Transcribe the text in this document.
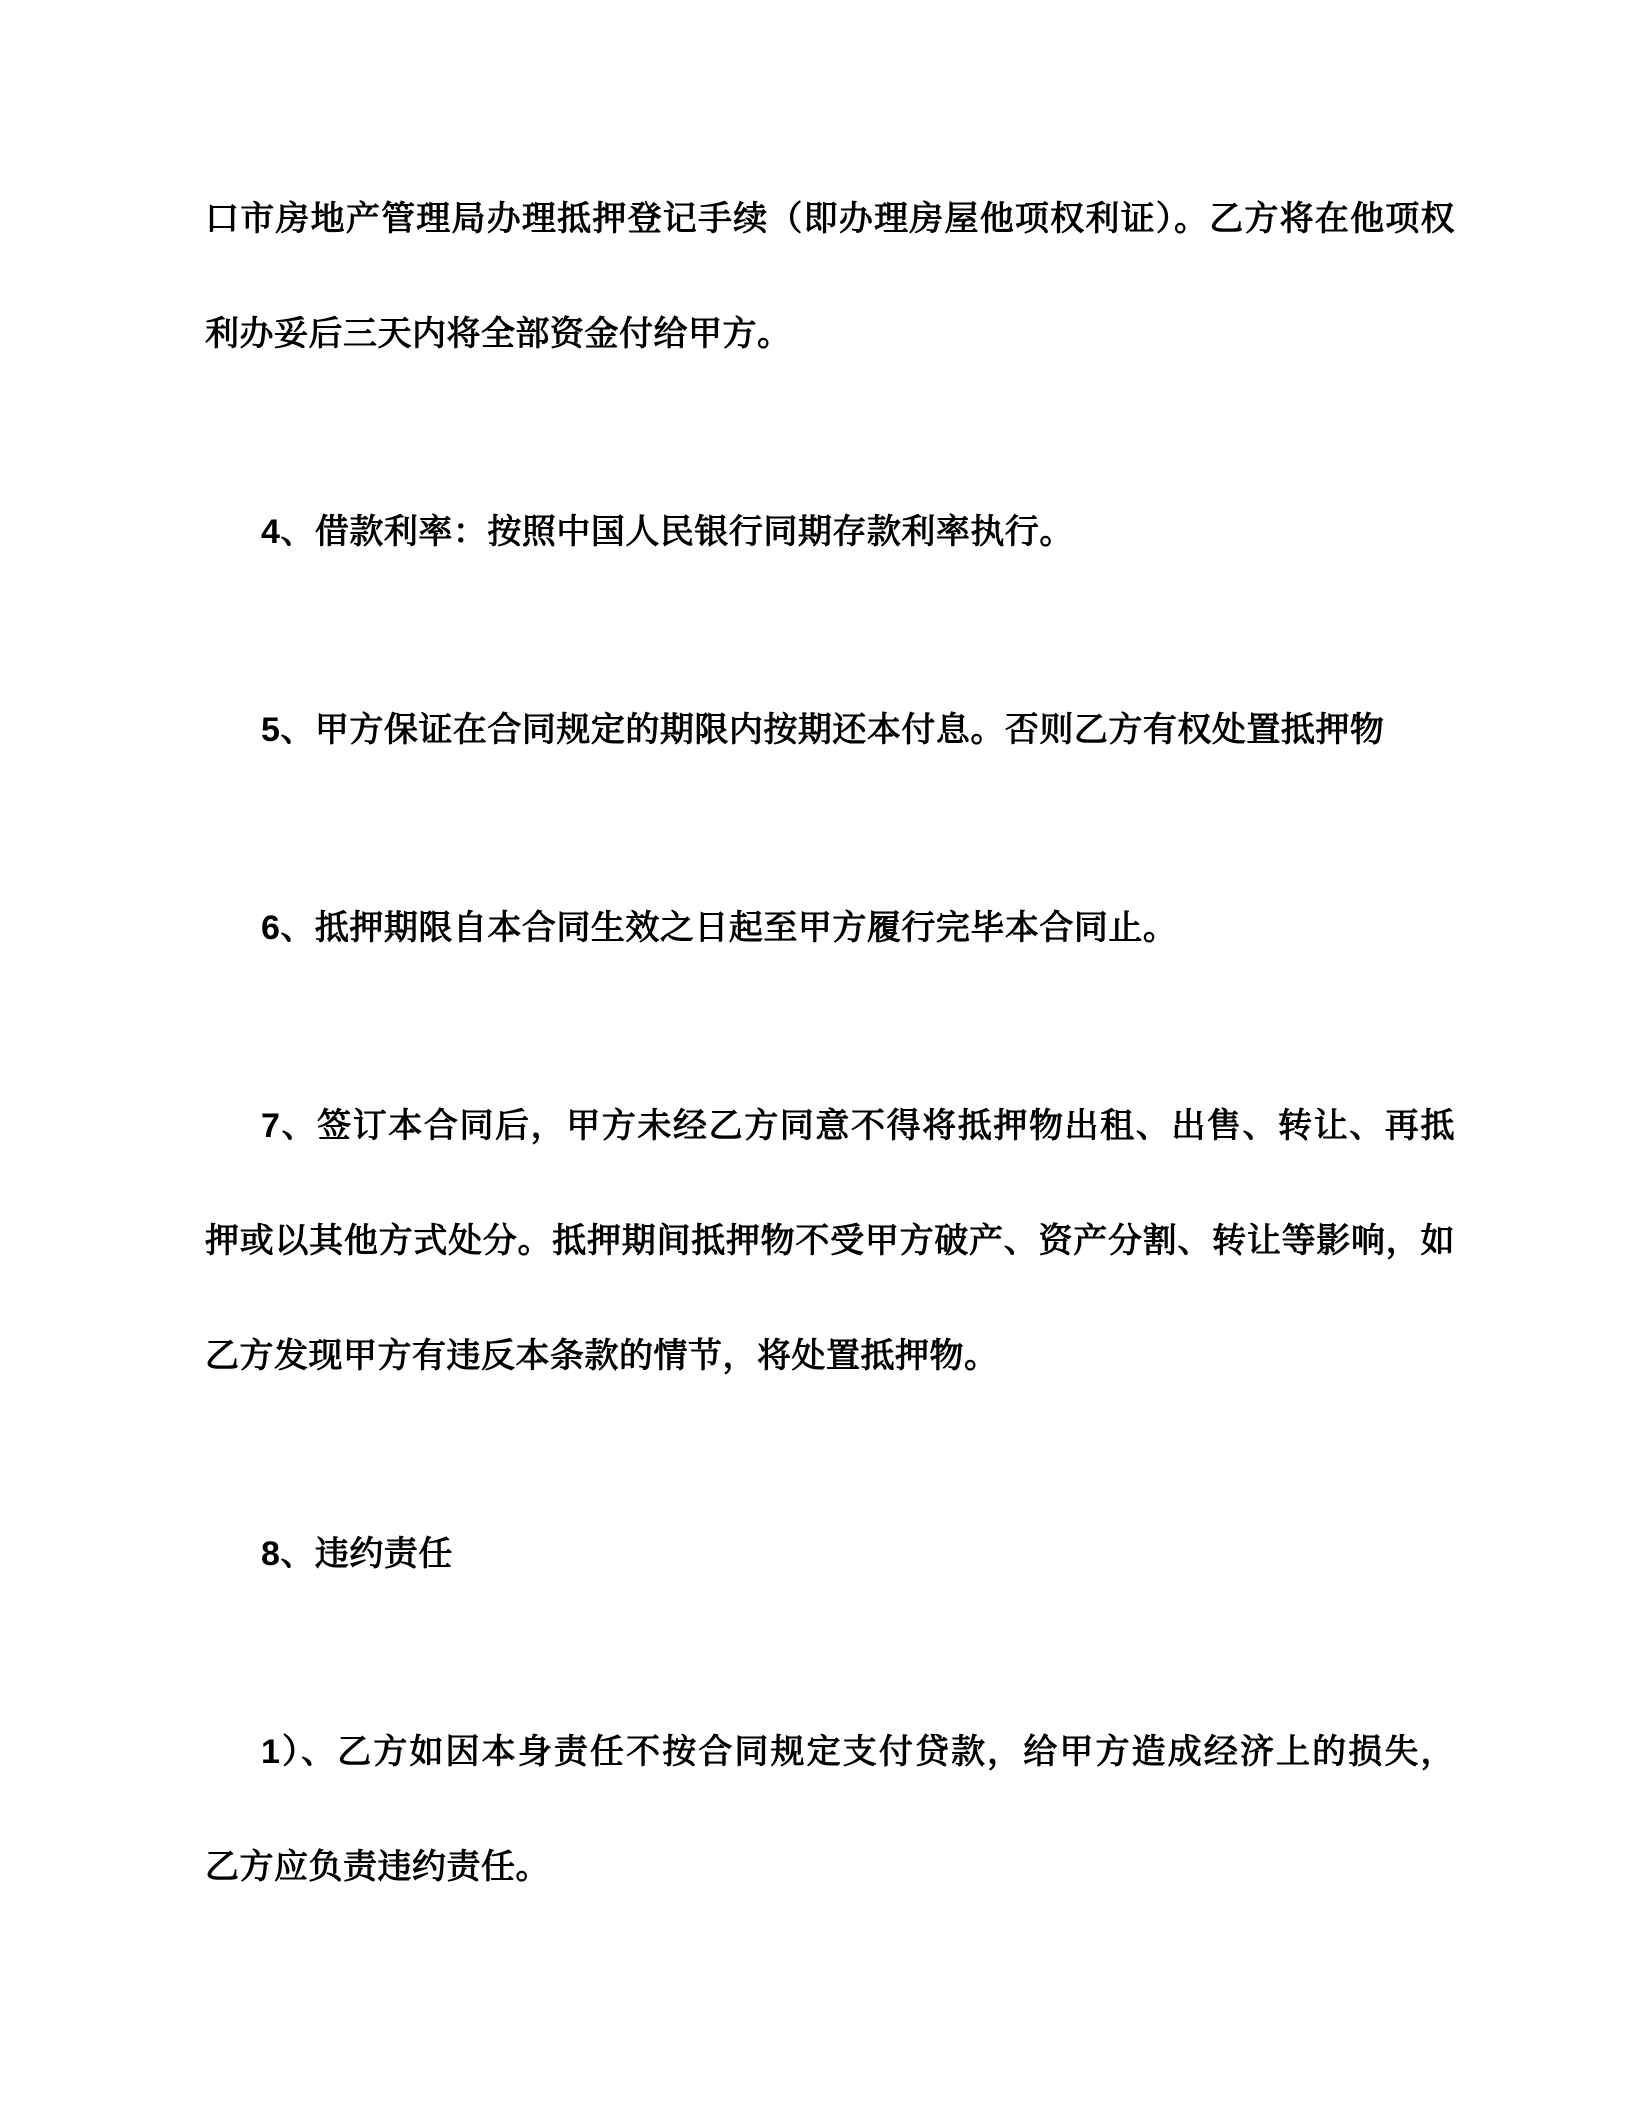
口市房地产管理局办理抵押登记手续（即办理房屋他项权利证）。乙方将在他项权
利办妥后三天内将全部资金付给甲方。
4、借款利率：按照中国人民银行同期存款利率执行。
5、甲方保证在合同规定的期限内按期还本付息。否则乙方有权处置抵押物
6、抵押期限自本合同生效之日起至甲方履行完毕本合同止。
7、签订本合同后，甲方未经乙方同意不得将抵押物出租、出售、转让、再抵
押或以其他方式处分。抵押期间抵押物不受甲方破产、资产分割、转让等影响，如
乙方发现甲方有违反本条款的情节，将处置抵押物。
8、违约责任
1）、乙方如因本身责任不按合同规定支付贷款，给甲方造成经济上的损失，
乙方应负责违约责任。
